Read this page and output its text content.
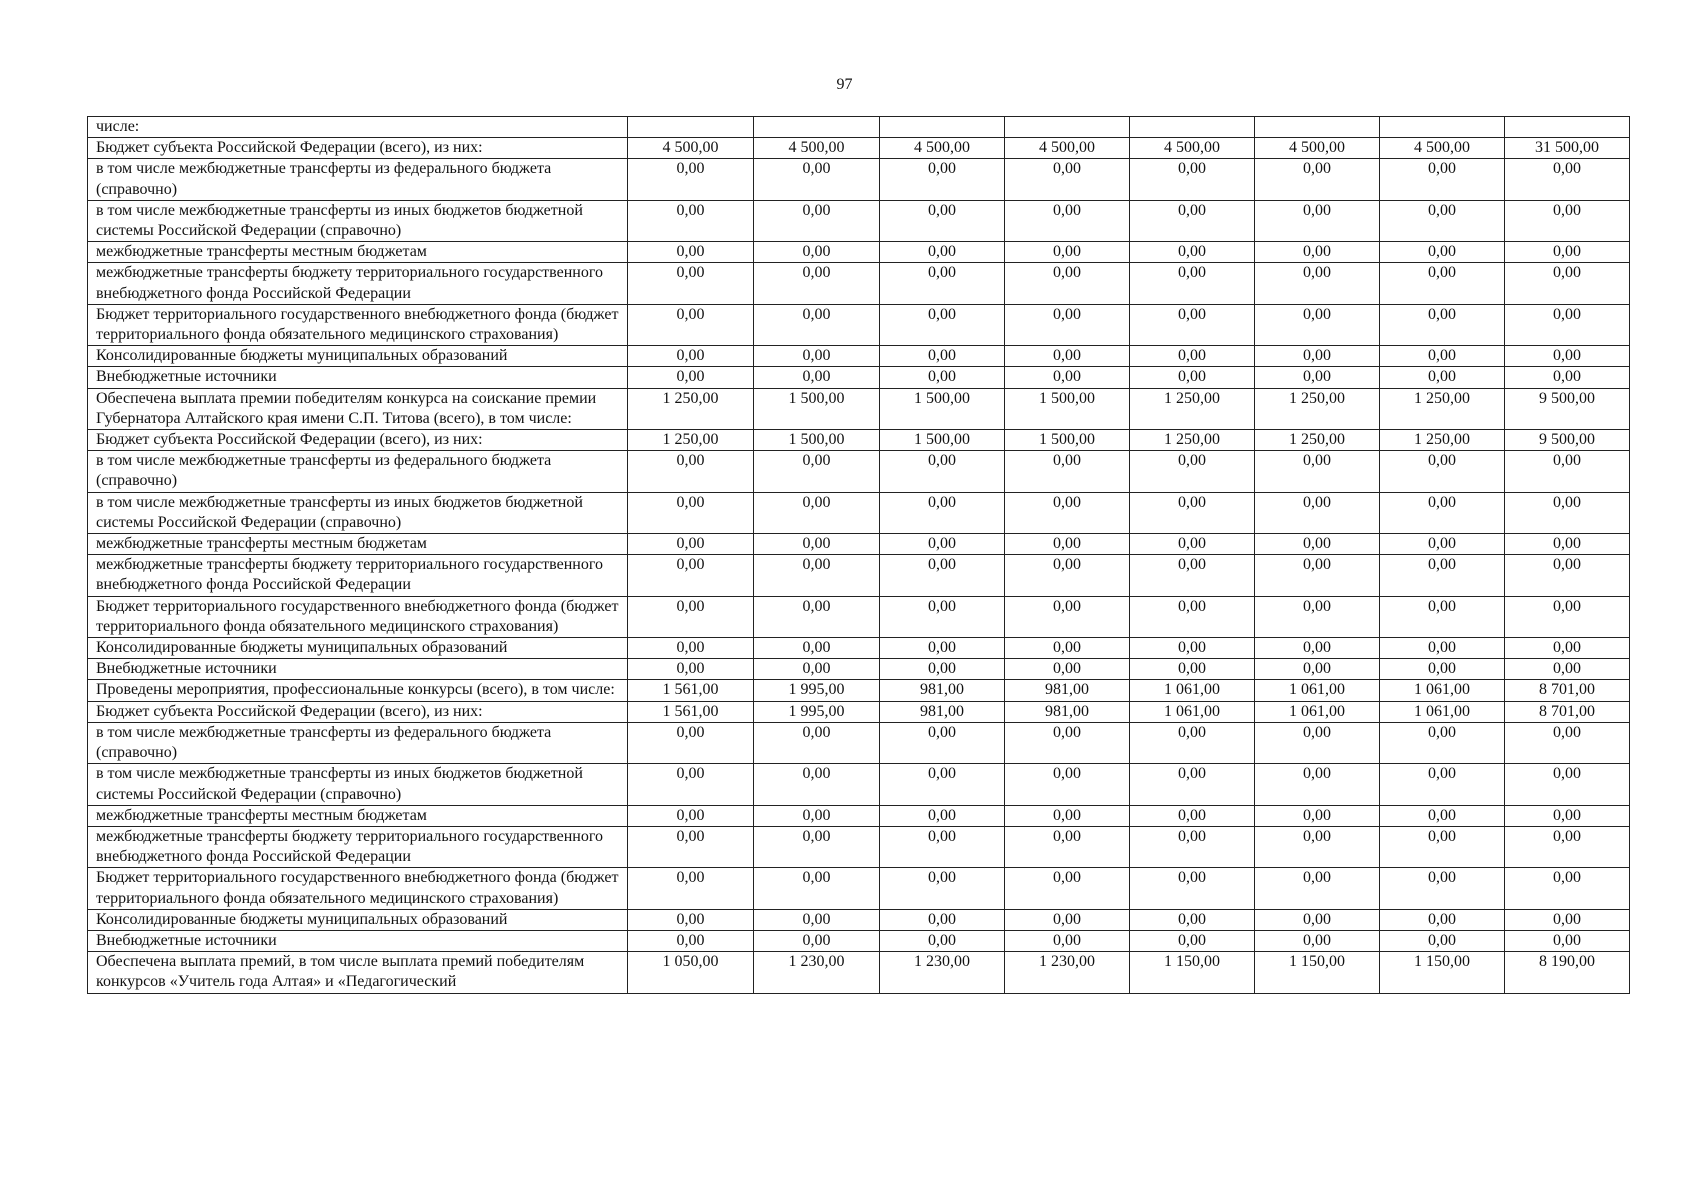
97
числе:								
Бюджет субъекта Российской Федерации (всего), из них:	4 500,00	4 500,00	4 500,00	4 500,00	4 500,00	4 500,00	4 500,00	31 500,00
в том числе межбюджетные трансферты из федерального бюджета (справочно)	0,00	0,00	0,00	0,00	0,00	0,00	0,00	0,00
в том числе межбюджетные трансферты из иных бюджетов бюджетной системы Российской Федерации (справочно)	0,00	0,00	0,00	0,00	0,00	0,00	0,00	0,00
межбюджетные трансферты местным бюджетам	0,00	0,00	0,00	0,00	0,00	0,00	0,00	0,00
межбюджетные трансферты бюджету территориального государственного внебюджетного фонда Российской Федерации	0,00	0,00	0,00	0,00	0,00	0,00	0,00	0,00
Бюджет территориального государственного внебюджетного фонда (бюджет территориального фонда обязательного медицинского страхования)	0,00	0,00	0,00	0,00	0,00	0,00	0,00	0,00
Консолидированные бюджеты муниципальных образований	0,00	0,00	0,00	0,00	0,00	0,00	0,00	0,00
Внебюджетные источники	0,00	0,00	0,00	0,00	0,00	0,00	0,00	0,00
Обеспечена выплата премии победителям конкурса на соискание премии Губернатора Алтайского края имени С.П. Титова (всего), в том числе:	1 250,00	1 500,00	1 500,00	1 500,00	1 250,00	1 250,00	1 250,00	9 500,00
Бюджет субъекта Российской Федерации (всего), из них:	1 250,00	1 500,00	1 500,00	1 500,00	1 250,00	1 250,00	1 250,00	9 500,00
в том числе межбюджетные трансферты из федерального бюджета (справочно)	0,00	0,00	0,00	0,00	0,00	0,00	0,00	0,00
в том числе межбюджетные трансферты из иных бюджетов бюджетной системы Российской Федерации (справочно)	0,00	0,00	0,00	0,00	0,00	0,00	0,00	0,00
межбюджетные трансферты местным бюджетам	0,00	0,00	0,00	0,00	0,00	0,00	0,00	0,00
межбюджетные трансферты бюджету территориального государственного внебюджетного фонда Российской Федерации	0,00	0,00	0,00	0,00	0,00	0,00	0,00	0,00
Бюджет территориального государственного внебюджетного фонда (бюджет территориального фонда обязательного медицинского страхования)	0,00	0,00	0,00	0,00	0,00	0,00	0,00	0,00
Консолидированные бюджеты муниципальных образований	0,00	0,00	0,00	0,00	0,00	0,00	0,00	0,00
Внебюджетные источники	0,00	0,00	0,00	0,00	0,00	0,00	0,00	0,00
Проведены мероприятия, профессиональные конкурсы (всего), в том числе:	1 561,00	1 995,00	981,00	981,00	1 061,00	1 061,00	1 061,00	8 701,00
Бюджет субъекта Российской Федерации (всего), из них:	1 561,00	1 995,00	981,00	981,00	1 061,00	1 061,00	1 061,00	8 701,00
в том числе межбюджетные трансферты из федерального бюджета (справочно)	0,00	0,00	0,00	0,00	0,00	0,00	0,00	0,00
в том числе межбюджетные трансферты из иных бюджетов бюджетной системы Российской Федерации (справочно)	0,00	0,00	0,00	0,00	0,00	0,00	0,00	0,00
межбюджетные трансферты местным бюджетам	0,00	0,00	0,00	0,00	0,00	0,00	0,00	0,00
межбюджетные трансферты бюджету территориального государственного внебюджетного фонда Российской Федерации	0,00	0,00	0,00	0,00	0,00	0,00	0,00	0,00
Бюджет территориального государственного внебюджетного фонда (бюджет территориального фонда обязательного медицинского страхования)	0,00	0,00	0,00	0,00	0,00	0,00	0,00	0,00
Консолидированные бюджеты муниципальных образований	0,00	0,00	0,00	0,00	0,00	0,00	0,00	0,00
Внебюджетные источники	0,00	0,00	0,00	0,00	0,00	0,00	0,00	0,00
Обеспечена выплата премий, в том числе выплата премий победителям конкурсов «Учитель года Алтая» и «Педагогический	1 050,00	1 230,00	1 230,00	1 230,00	1 150,00	1 150,00	1 150,00	8 190,00
